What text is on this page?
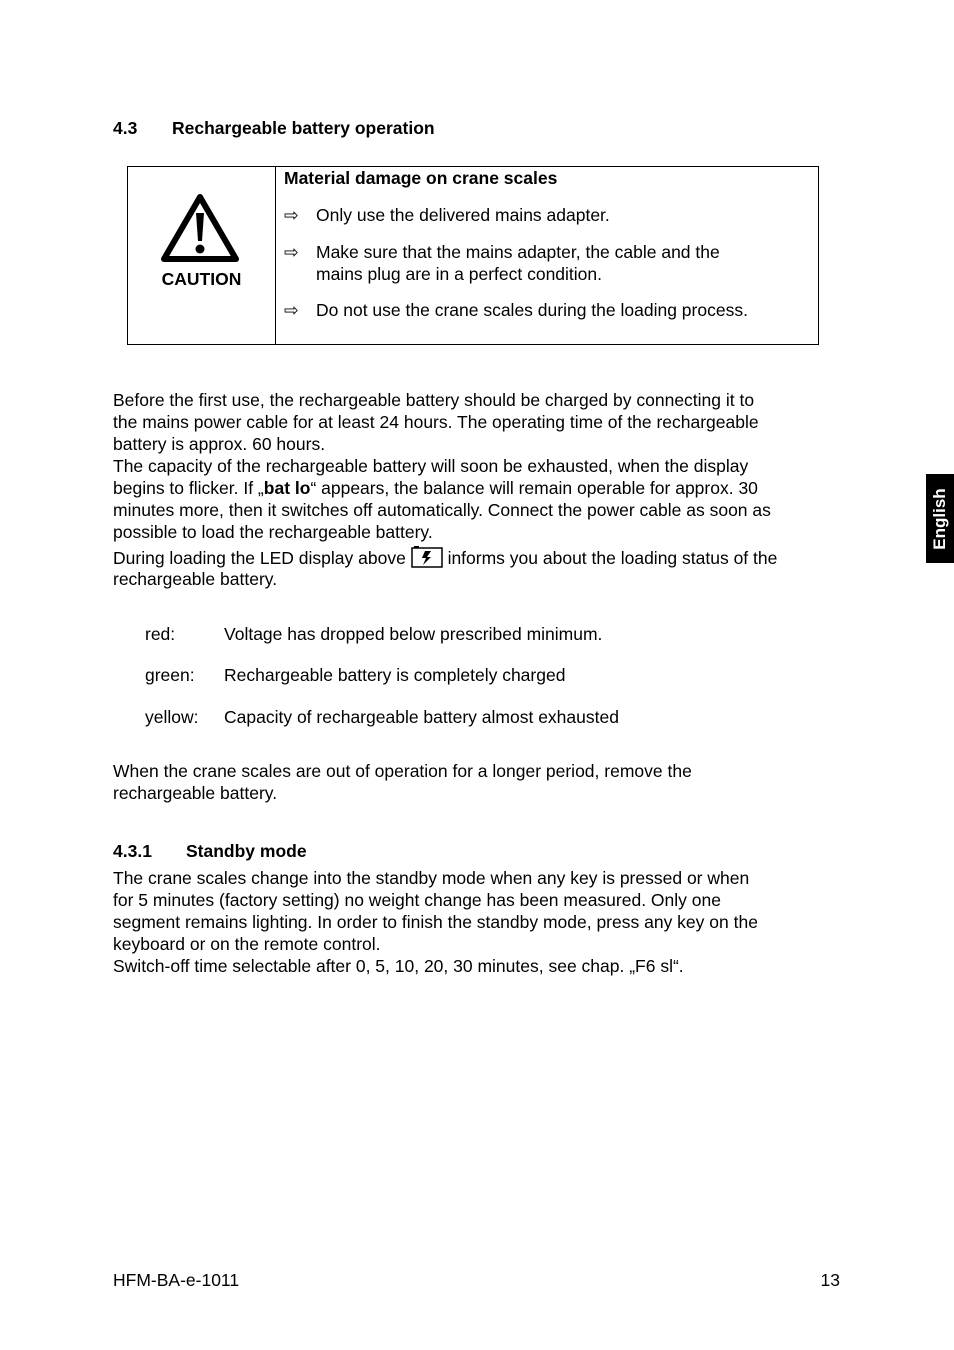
4.3 Rechargeable battery operation
CAUTION
Material damage on crane scales
⇨ Only use the delivered mains adapter.
⇨ Make sure that the mains adapter, the cable and the
mains plug are in a perfect condition.
⇨ Do not use the crane scales during the loading process.
Before the first use, the rechargeable battery should be charged by connecting it to
the mains power cable for at least 24 hours. The operating time of the rechargeable
battery is approx. 60 hours.
The capacity of the rechargeable battery will soon be exhausted, when the display
begins to flicker. If „bat lo“ appears, the balance will remain operable for approx. 30
minutes more, then it switches off automatically. Connect the power cable as soon as
possible to load the rechargeable battery.
During loading the LED display above  informs you about the loading status of the
rechargeable battery.
red:	Voltage has dropped below prescribed minimum.
green: Rechargeable battery is completely charged
yellow: Capacity of rechargeable battery almost exhausted
When the crane scales are out of operation for a longer period, remove the
rechargeable battery.
4.3.1 Standby mode
The crane scales change into the standby mode when any key is pressed or when
for 5 minutes (factory setting) no weight change has been measured. Only one
segment remains lighting. In order to finish the standby mode, press any key on the
keyboard or on the remote control.
Switch-off time selectable after 0, 5, 10, 20, 30 minutes, see chap. „F6 sl“.
English
HFM-BA-e-1011	13
